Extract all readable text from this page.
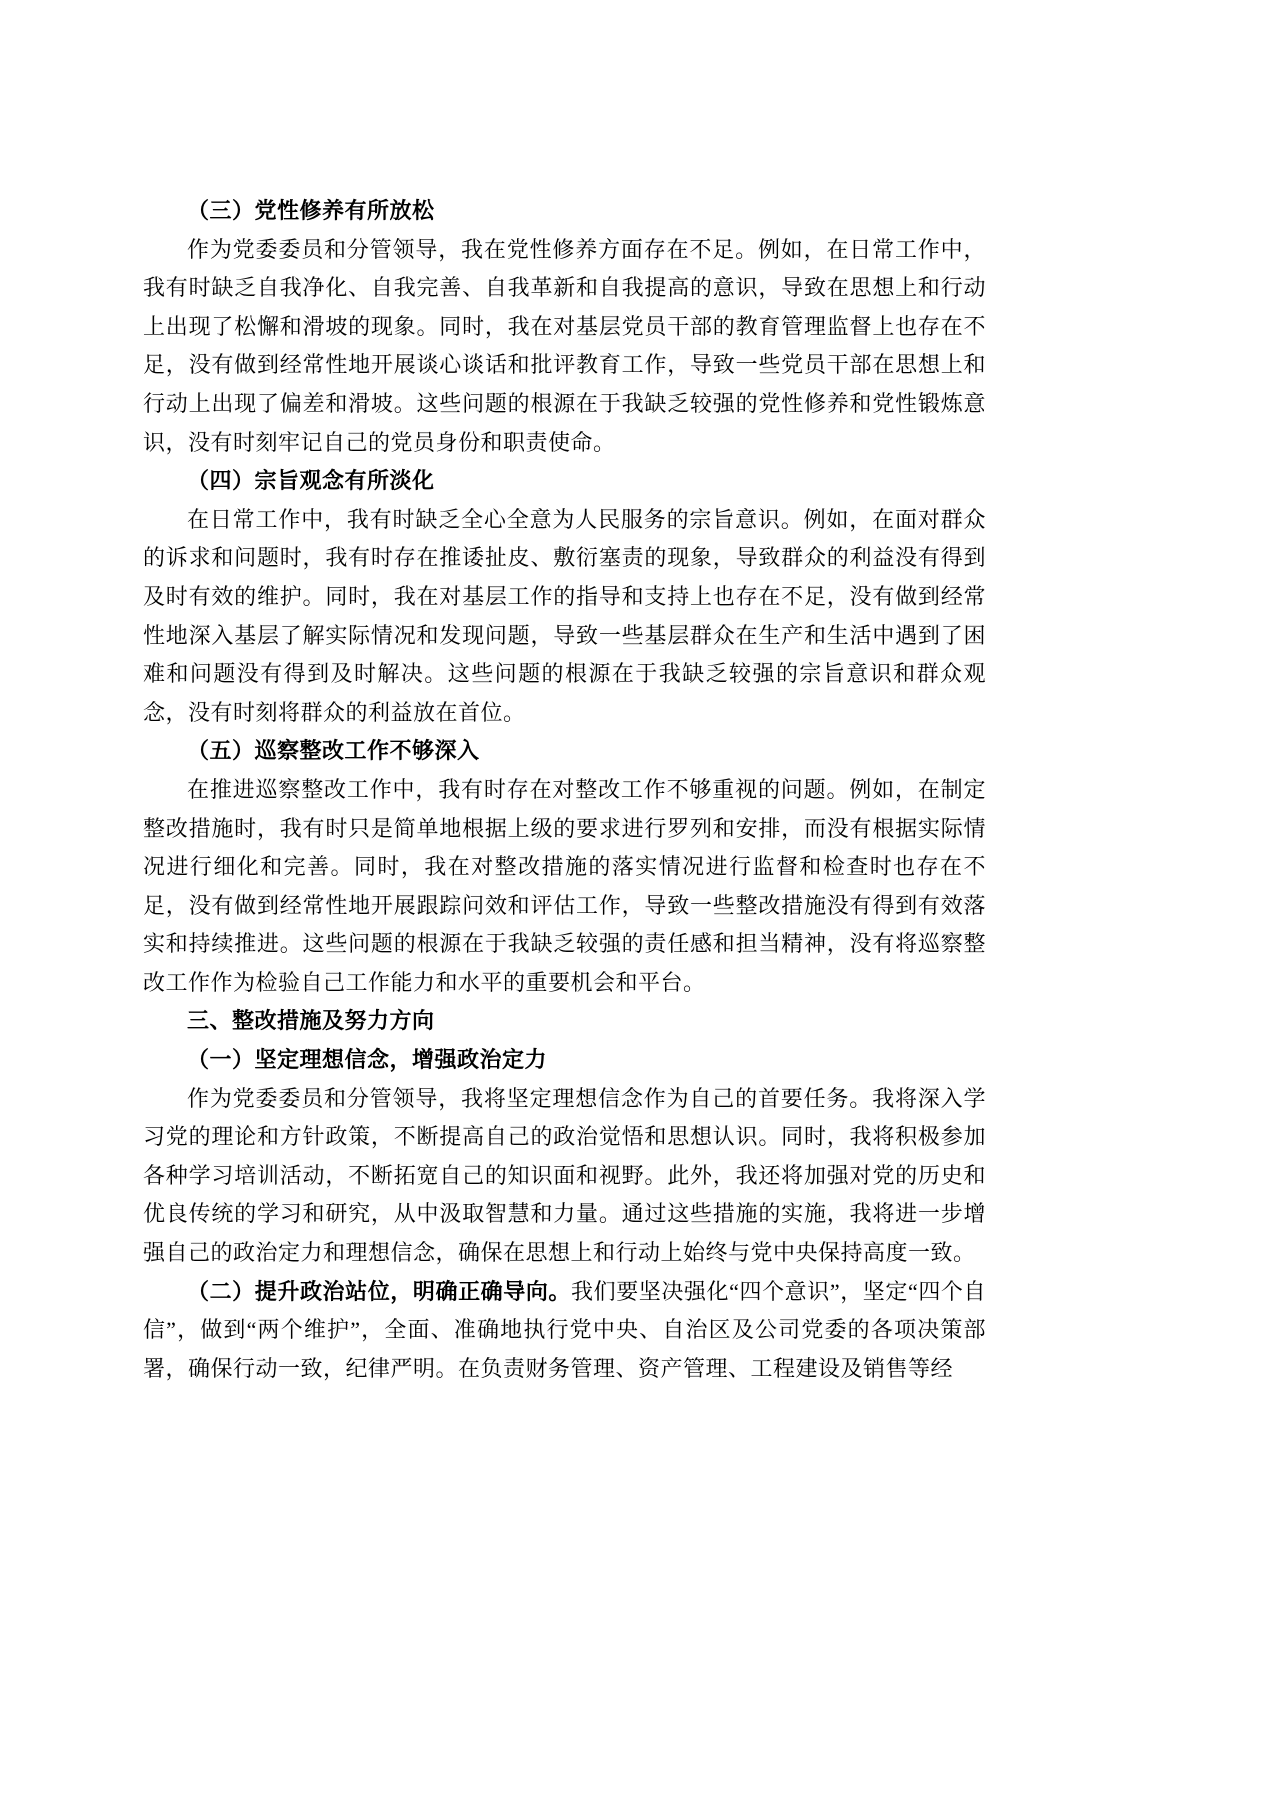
（三）党性修养有所放松

作为党委委员和分管领导，我在党性修养方面存在不足。例如，在日常工作中，我有时缺乏自我净化、自我完善、自我革新和自我提高的意识，导致在思想上和行动上出现了松懈和滑坡的现象。同时，我在对基层党员干部的教育管理监督上也存在不足，没有做到经常性地开展谈心谈话和批评教育工作，导致一些党员干部在思想上和行动上出现了偏差和滑坡。这些问题的根源在于我缺乏较强的党性修养和党性锻炼意识，没有时刻牢记自己的党员身份和职责使命。

（四）宗旨观念有所淡化

在日常工作中，我有时缺乏全心全意为人民服务的宗旨意识。例如，在面对群众的诉求和问题时，我有时存在推诿扯皮、敷衍塞责的现象，导致群众的利益没有得到及时有效的维护。同时，我在对基层工作的指导和支持上也存在不足，没有做到经常性地深入基层了解实际情况和发现问题，导致一些基层群众在生产和生活中遇到了困难和问题没有得到及时解决。这些问题的根源在于我缺乏较强的宗旨意识和群众观念，没有时刻将群众的利益放在首位。

（五）巡察整改工作不够深入

在推进巡察整改工作中，我有时存在对整改工作不够重视的问题。例如，在制定整改措施时，我有时只是简单地根据上级的要求进行罗列和安排，而没有根据实际情况进行细化和完善。同时，我在对整改措施的落实情况进行监督和检查时也存在不足，没有做到经常性地开展跟踪问效和评估工作，导致一些整改措施没有得到有效落实和持续推进。这些问题的根源在于我缺乏较强的责任感和担当精神，没有将巡察整改工作作为检验自己工作能力和水平的重要机会和平台。

三、整改措施及努力方向

（一）坚定理想信念，增强政治定力

作为党委委员和分管领导，我将坚定理想信念作为自己的首要任务。我将深入学习党的理论和方针政策，不断提高自己的政治觉悟和思想认识。同时，我将积极参加各种学习培训活动，不断拓宽自己的知识面和视野。此外，我还将加强对党的历史和优良传统的学习和研究，从中汲取智慧和力量。通过这些措施的实施，我将进一步增强自己的政治定力和理想信念，确保在思想上和行动上始终与党中央保持高度一致。

（二）提升政治站位，明确正确导向。我们要坚决强化“四个意识”，坚定“四个自信”，做到“两个维护”，全面、准确地执行党中央、自治区及公司党委的各项决策部署，确保行动一致，纪律严明。在负责财务管理、资产管理、工程建设及销售等经
